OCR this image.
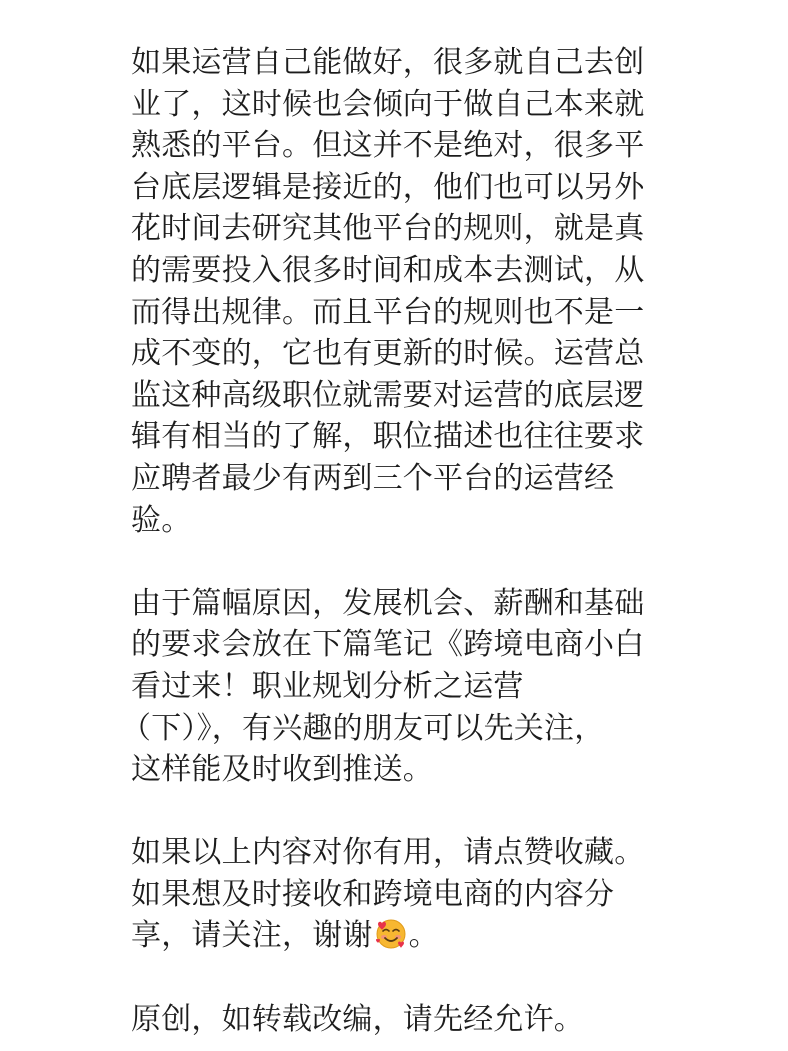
如果运营自己能做好，很多就自己去创
业了，这时候也会倾向于做自己本来就
熟悉的平台。但这并不是绝对，很多平
台底层逻辑是接近的，他们也可以另外
花时间去研究其他平台的规则，就是真
的需要投入很多时间和成本去测试，从
而得出规律。而且平台的规则也不是一
成不变的，它也有更新的时候。运营总
监这种高级职位就需要对运营的底层逻
辑有相当的了解，职位描述也往往要求
应聘者最少有两到三个平台的运营经
验。
由于篇幅原因，发展机会、薪酬和基础
的要求会放在下篇笔记《跨境电商小白
看过来！职业规划分析之运营
（下）》，有兴趣的朋友可以先关注，
这样能及时收到推送。
如果以上内容对你有用，请点赞收藏。
如果想及时接收和跨境电商的内容分
享，请关注，谢谢 。
原创，如转载改编，请先经允许。
